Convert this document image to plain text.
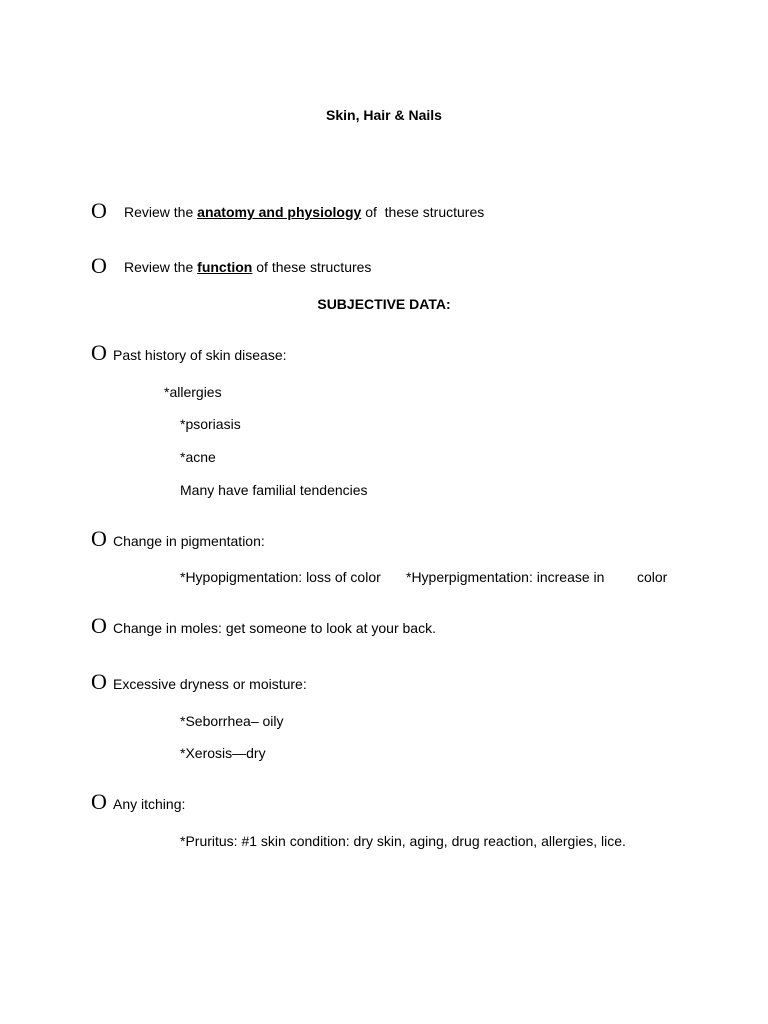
Skin, Hair & Nails
O Review the anatomy and physiology of these structures
O Review the function of these structures
SUBJECTIVE DATA:
O Past history of skin disease:
*allergies
*psoriasis
*acne
Many have familial tendencies
O Change in pigmentation:
*Hypopigmentation: loss of color *Hyperpigmentation: increase in color
O Change in moles: get someone to look at your back.
O Excessive dryness or moisture:
*Seborrhea– oily
*Xerosis—dry
O Any itching:
*Pruritus: #1 skin condition: dry skin, aging, drug reaction, allergies, lice.
